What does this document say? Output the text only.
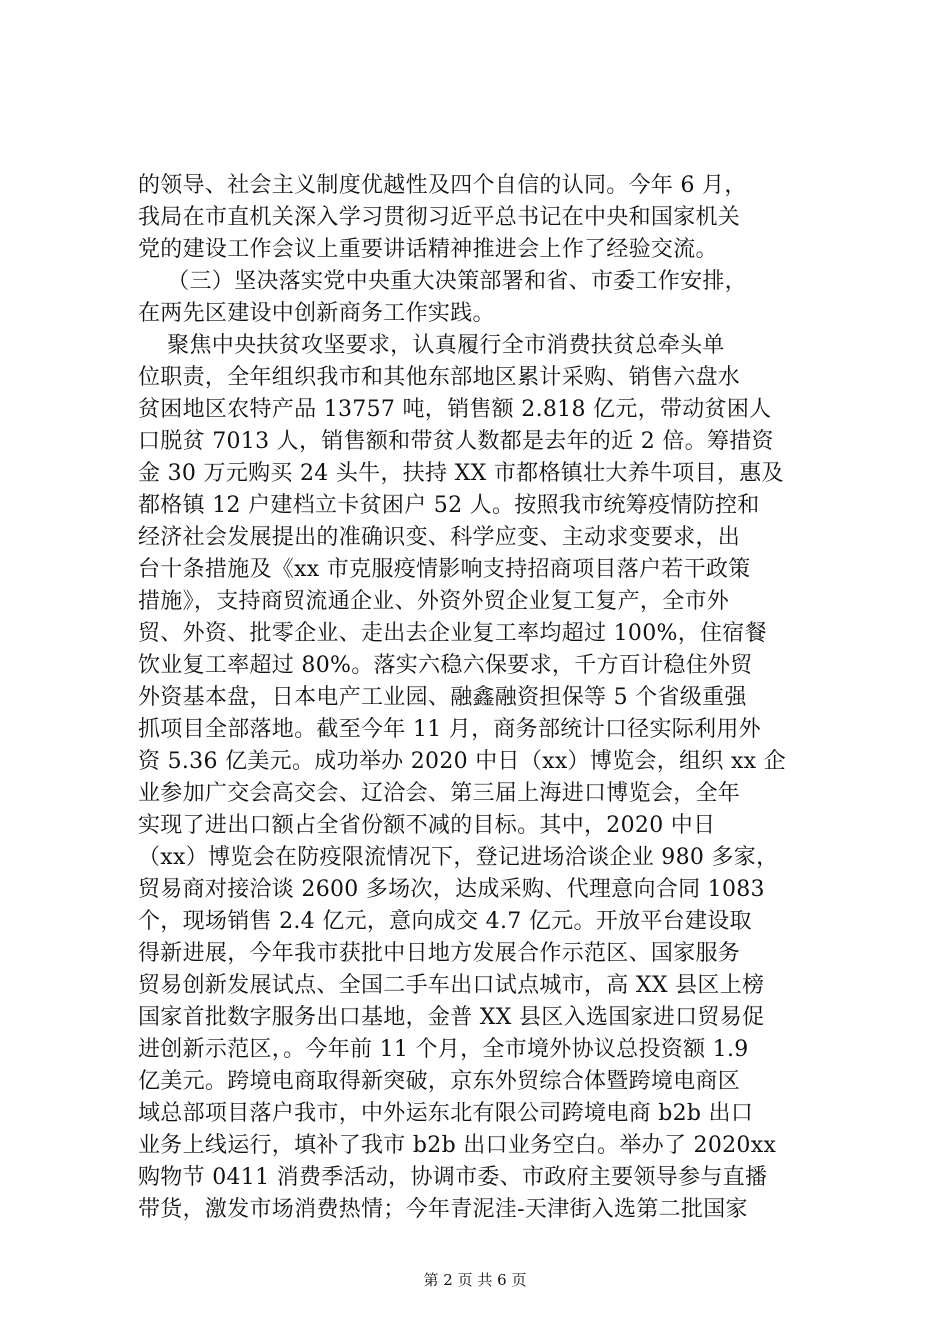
的领导、社会主义制度优越性及四个自信的认同。今年 6 月，
我局在市直机关深入学习贯彻习近平总书记在中央和国家机关
党的建设工作会议上重要讲话精神推进会上作了经验交流。
（三）坚决落实党中央重大决策部署和省、市委工作安排，
在两先区建设中创新商务工作实践。
聚焦中央扶贫攻坚要求，认真履行全市消费扶贫总牵头单
位职责，全年组织我市和其他东部地区累计采购、销售六盘水
贫困地区农特产品 13757 吨，销售额 2.818 亿元，带动贫困人
口脱贫 7013 人，销售额和带贫人数都是去年的近 2 倍。筹措资
金 30 万元购买 24 头牛，扶持 XX 市都格镇壮大养牛项目，惠及
都格镇 12 户建档立卡贫困户 52 人。按照我市统筹疫情防控和
经济社会发展提出的准确识变、科学应变、主动求变要求，出
台十条措施及《xx 市克服疫情影响支持招商项目落户若干政策
措施》，支持商贸流通企业、外资外贸企业复工复产，全市外
贸、外资、批零企业、走出去企业复工率均超过 100%，住宿餐
饮业复工率超过 80%。落实六稳六保要求，千方百计稳住外贸
外资基本盘，日本电产工业园、融鑫融资担保等 5 个省级重强
抓项目全部落地。截至今年 11 月，商务部统计口径实际利用外
资 5.36 亿美元。成功举办 2020 中日（xx）博览会，组织 xx 企
业参加广交会高交会、辽洽会、第三届上海进口博览会，全年
实现了进出口额占全省份额不减的目标。其中，2020 中日
（xx）博览会在防疫限流情况下，登记进场洽谈企业 980 多家，
贸易商对接洽谈 2600 多场次，达成采购、代理意向合同 1083
个，现场销售 2.4 亿元，意向成交 4.7 亿元。开放平台建设取
得新进展，今年我市获批中日地方发展合作示范区、国家服务
贸易创新发展试点、全国二手车出口试点城市，高 XX 县区上榜
国家首批数字服务出口基地，金普 XX 县区入选国家进口贸易促
进创新示范区，。今年前 11 个月，全市境外协议总投资额 1.9
亿美元。跨境电商取得新突破，京东外贸综合体暨跨境电商区
域总部项目落户我市，中外运东北有限公司跨境电商 b2b 出口
业务上线运行，填补了我市 b2b 出口业务空白。举办了 2020xx
购物节 0411 消费季活动，协调市委、市政府主要领导参与直播
带货，激发市场消费热情；今年青泥洼-天津街入选第二批国家
第 2 页 共 6 页
